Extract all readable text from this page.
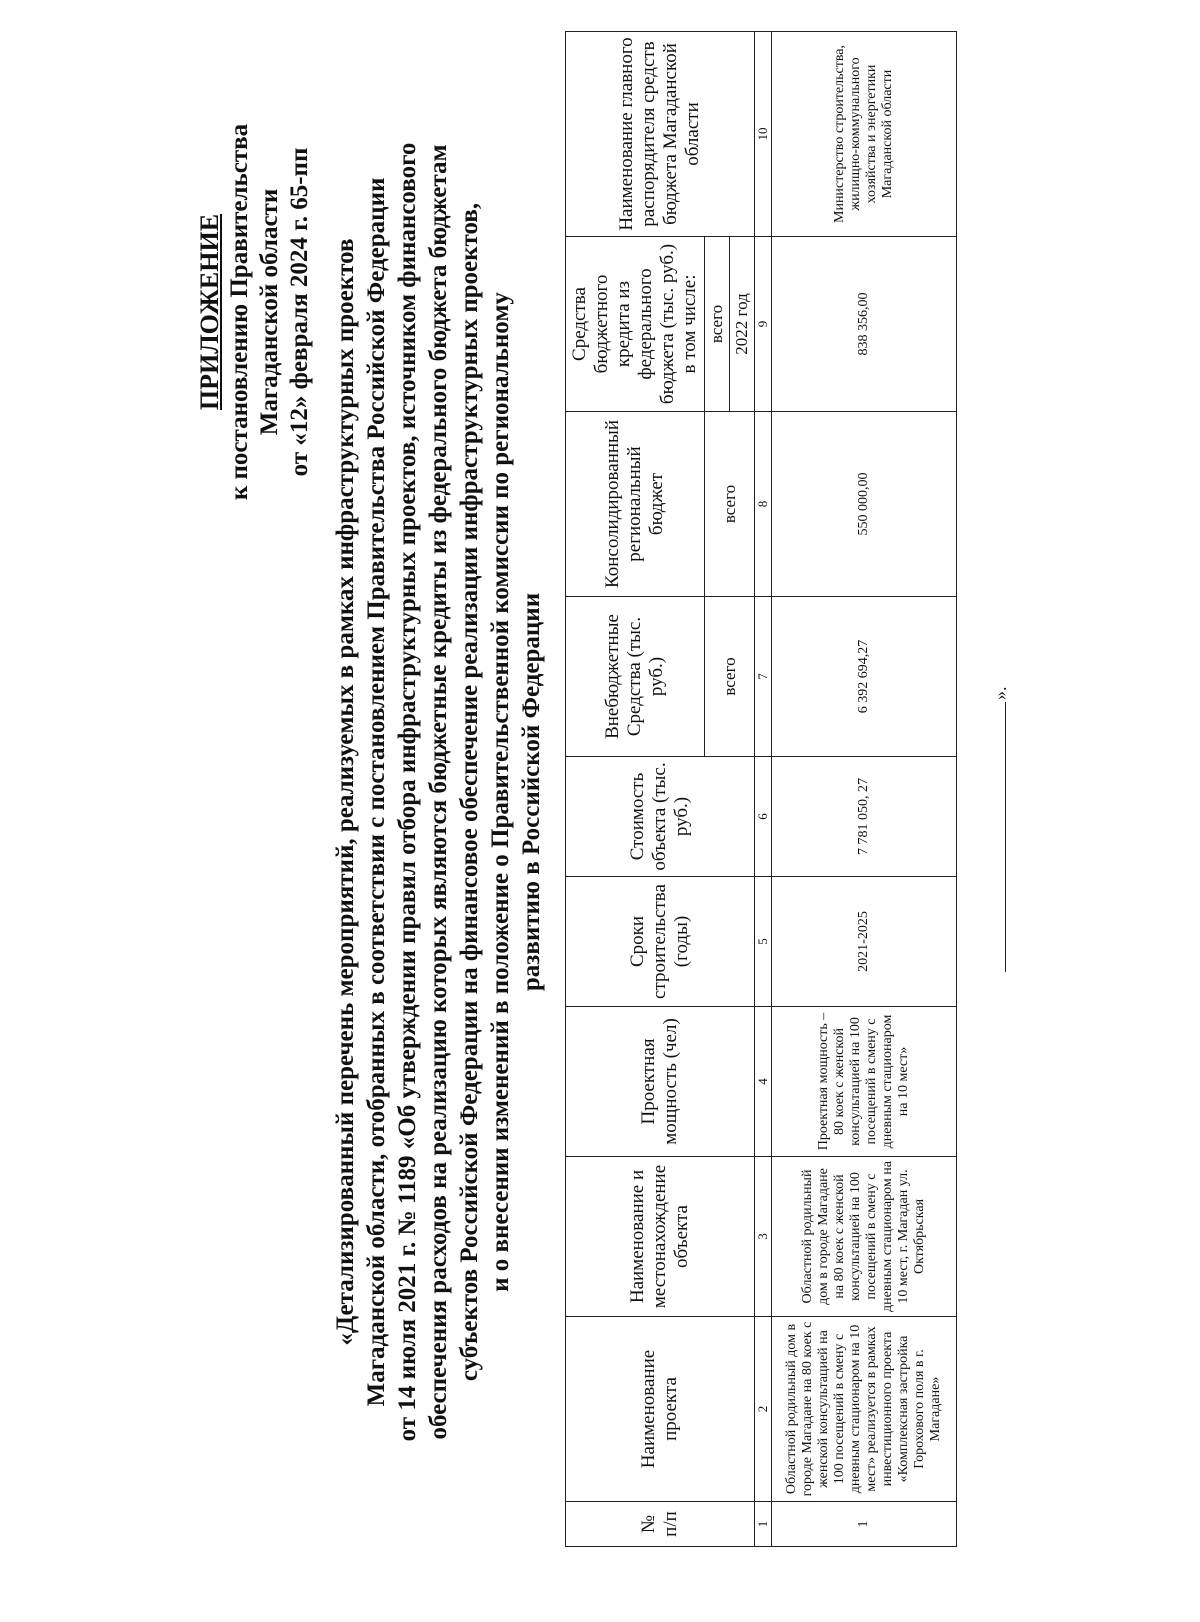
ПРИЛОЖЕНИЕ к постановлению Правительства Магаданской области от «12» февраля 2024 г. 65-пп «Детализированный перечень мероприятий, реализуемых в рамках инфраструктурных проектов Магаданской области, отобранных в соответствии с постановлением Правительства Российской Федерации от 14 июля 2021 г. № 1189 «Об утверждении правил отбора инфраструктурных проектов, источником финансового обеспечения расходов на реализацию которых являются бюджетные кредиты из федерального бюджета бюджетам субъектов Российской Федерации на финансовое обеспечение реализации инфраструктурных проектов, и о внесении изменений в положение о Правительственной комиссии по региональному развитию в Российской Федерации
№ п/п	Наименование проекта	Наименование и местонахождение объекта	Проектная мощность (чел)	Сроки строительства (годы)	Стоимость объекта (тыс. руб.)	Внебюджетные Средства (тыс. руб.)	Консолидированный региональный бюджет	Средства бюджетного кредита из федерального бюджета (тыс. руб.) в том числе:	Наименование главного распорядителя средств бюджета Магаданской области
						всего	всего	всего 2022 год	

1	2	3	4	5	6	7	8	9	10
1	Областной родильный дом в городе Магадане на 80 коек с женской консультацией на 100 посещений в смену с дневным стационаром на 10 мест» реализуется в рамках инвестиционного проекта «Комплексная застройка Горохового поля в г. Магадане»	Областной родильный дом в городе Магадане на 80 коек с женской консультацией на 100 посещений в смену с дневным стационаром на 10 мест, г. Магадан ул. Октябрьская	Проектная мощность – 80 коек с женской консультацией на 100 посещений в смену с дневным стационаром на 10 мест»	2021-2025	7 781 050, 27	6 392 694,27	550 000,00	838 356,00	Министерство строительства, жилищно-коммунального хозяйства и энергетики Магаданской области
».
